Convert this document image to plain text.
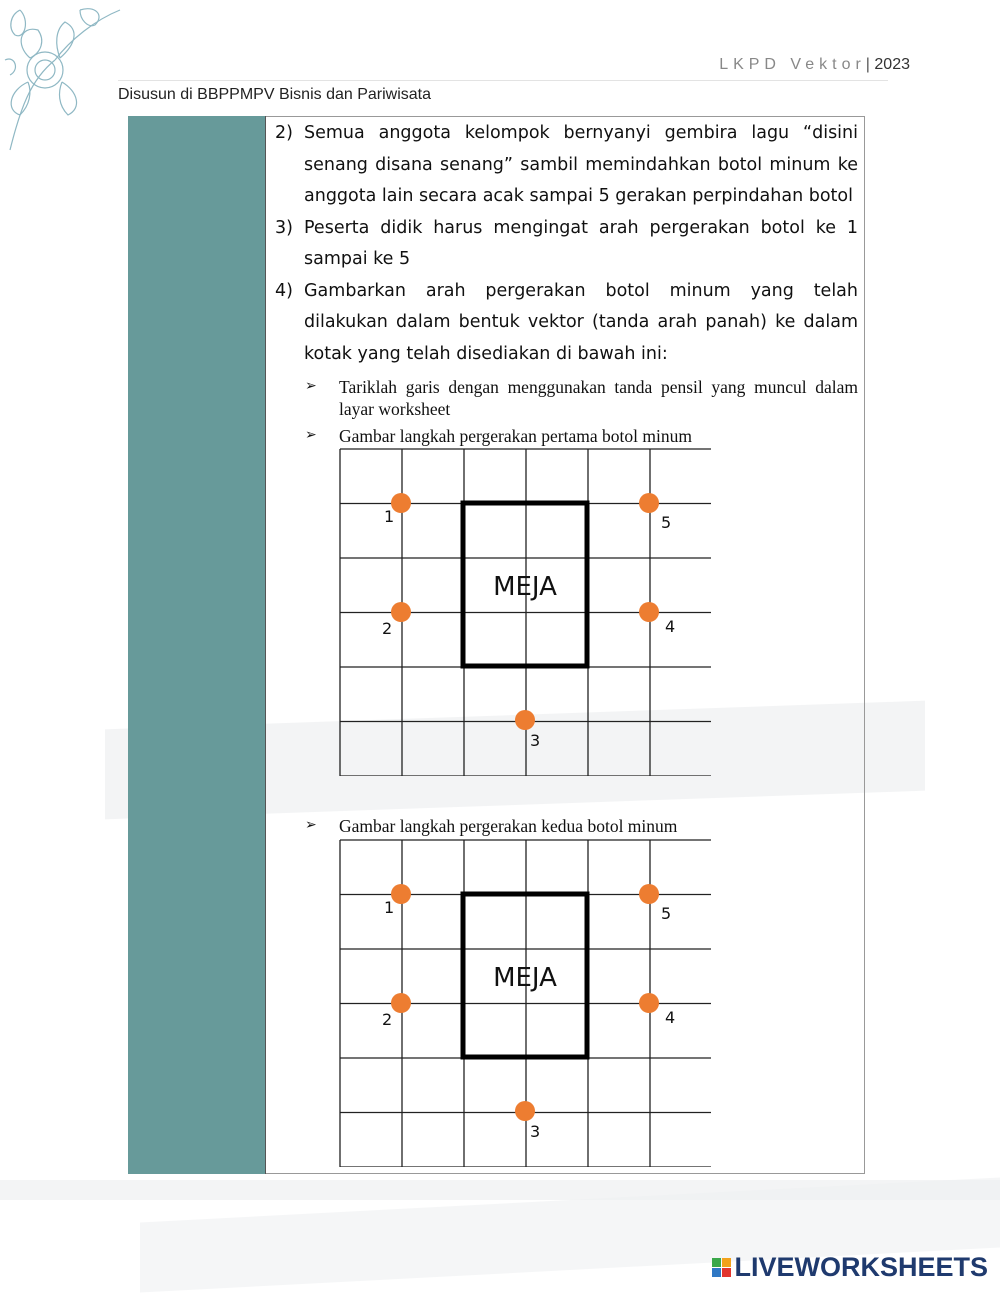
LKPD Vektor| 2023
Disusun di BBPPMPV Bisnis dan Pariwisata
2) Semua anggota kelompok bernyanyi gembira lagu “disini senang disana senang” sambil memindahkan botol minum ke anggota lain secara acak sampai 5 gerakan perpindahan botol
3) Peserta didik harus mengingat arah pergerakan botol ke 1 sampai ke 5
4) Gambarkan arah pergerakan botol minum yang telah dilakukan dalam bentuk vektor (tanda arah panah) ke dalam kotak yang telah disediakan di bawah ini:
➢ Tariklah garis dengan menggunakan tanda pensil yang muncul dalam layar worksheet
➢ Gambar langkah pergerakan pertama botol minum
MEJA
1
2
3
4
5
➢ Gambar langkah pergerakan kedua botol minum
MEJA
1
2
3
4
5
LIVEWORKSHEETS
